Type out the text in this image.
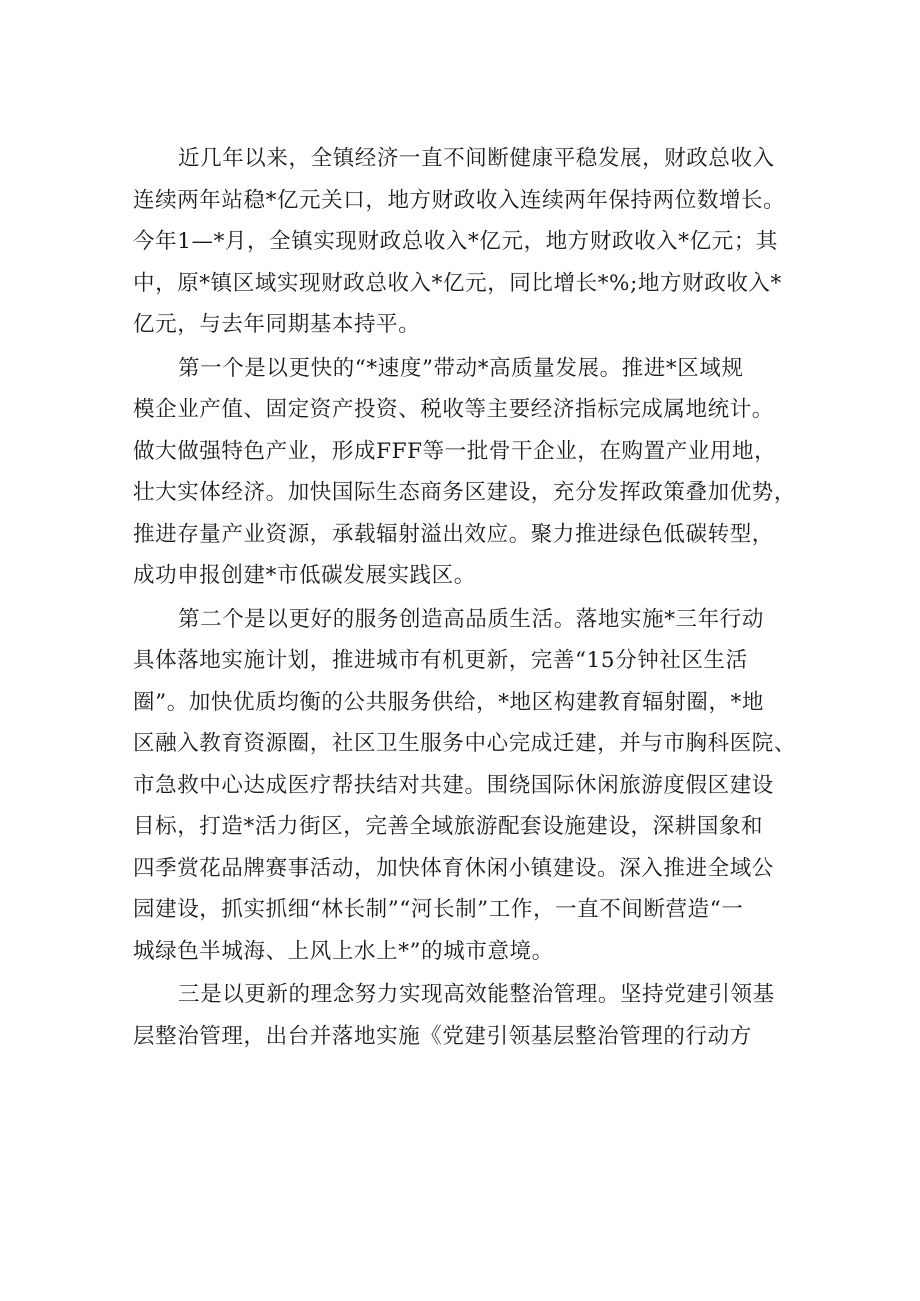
近几年以来，全镇经济一直不间断健康平稳发展，财政总收入
连续两年站稳*亿元关口，地方财政收入连续两年保持两位数增长。
今年1—*月，全镇实现财政总收入*亿元，地方财政收入*亿元；其
中，原*镇区域实现财政总收入*亿元，同比增长*%;地方财政收入*
亿元，与去年同期基本持平。

第一个是以更快的“*速度”带动*高质量发展。推进*区域规
模企业产值、固定资产投资、税收等主要经济指标完成属地统计。
做大做强特色产业，形成FFF等一批骨干企业，在购置产业用地，
壮大实体经济。加快国际生态商务区建设，充分发挥政策叠加优势，
推进存量产业资源，承载辐射溢出效应。聚力推进绿色低碳转型，
成功申报创建*市低碳发展实践区。

第二个是以更好的服务创造高品质生活。落地实施*三年行动
具体落地实施计划，推进城市有机更新，完善“15分钟社区生活
圈”。加快优质均衡的公共服务供给，*地区构建教育辐射圈，*地
区融入教育资源圈，社区卫生服务中心完成迁建，并与市胸科医院、
市急救中心达成医疗帮扶结对共建。围绕国际休闲旅游度假区建设
目标，打造*活力街区，完善全域旅游配套设施建设，深耕国象和
四季赏花品牌赛事活动，加快体育休闲小镇建设。深入推进全域公
园建设，抓实抓细“林长制”“河长制”工作，一直不间断营造“一
城绿色半城海、上风上水上*”的城市意境。

三是以更新的理念努力实现高效能整治管理。坚持党建引领基
层整治管理，出台并落地实施《党建引领基层整治管理的行动方
